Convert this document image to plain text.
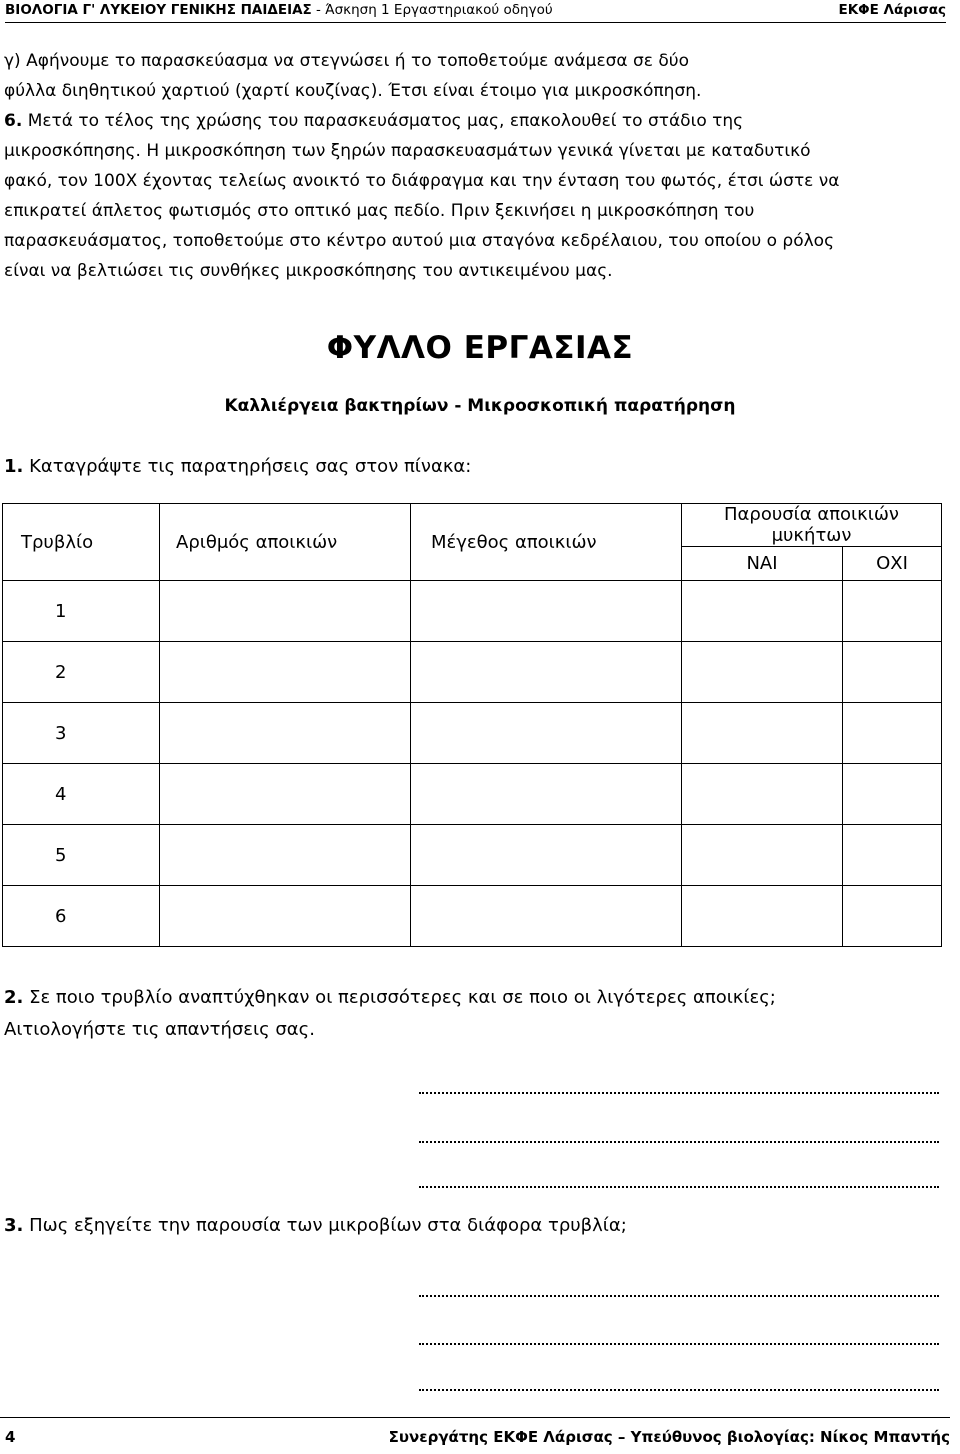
ΒΙΟΛΟΓΙΑ Γ' ΛΥΚΕΙΟΥ ΓΕΝΙΚΗΣ ΠΑΙΔΕΙΑΣ - Άσκηση 1 Εργαστηριακού οδηγού	ΕΚΦΕ Λάρισας
γ) Αφήνουμε το παρασκεύασμα να στεγνώσει ή το τοποθετούμε ανάμεσα σε δύο
φύλλα διηθητικού χαρτιού (χαρτί κουζίνας). Έτσι είναι έτοιμο για μικροσκόπηση.
6. Μετά το τέλος της χρώσης του παρασκευάσματος μας, επακολουθεί το στάδιο της
μικροσκόπησης. Η μικροσκόπηση των ξηρών παρασκευασμάτων γενικά γίνεται με καταδυτικό
φακό, τον 100Χ έχοντας τελείως ανοικτό το διάφραγμα και την ένταση του φωτός, έτσι ώστε να
επικρατεί άπλετος φωτισμός στο οπτικό μας πεδίο. Πριν ξεκινήσει η μικροσκόπηση του
παρασκευάσματος, τοποθετούμε στο κέντρο αυτού μια σταγόνα κεδρέλαιου, του οποίου ο ρόλος
είναι να βελτιώσει τις συνθήκες μικροσκόπησης του αντικειμένου μας.
ΦΥΛΛΟ ΕΡΓΑΣΙΑΣ
Καλλιέργεια βακτηρίων - Μικροσκοπική παρατήρηση
1. Καταγράψτε τις παρατηρήσεις σας στον πίνακα:
Τρυβλίο	Αριθμός αποικιών	Μέγεθος αποικιών	Παρουσία αποικιών μυκήτων	
			ΝΑΙ	ΟΧΙ
1				
2				
3				
4				
5				
6				
2. Σε ποιο τρυβλίο αναπτύχθηκαν οι περισσότερες και σε ποιο οι λιγότερες αποικίες;
Αιτιολογήστε τις απαντήσεις σας.
3. Πως εξηγείτε την παρουσία των μικροβίων στα διάφορα τρυβλία;
4	Συνεργάτης ΕΚΦΕ Λάρισας – Υπεύθυνος βιολογίας: Νίκος Μπαντής
